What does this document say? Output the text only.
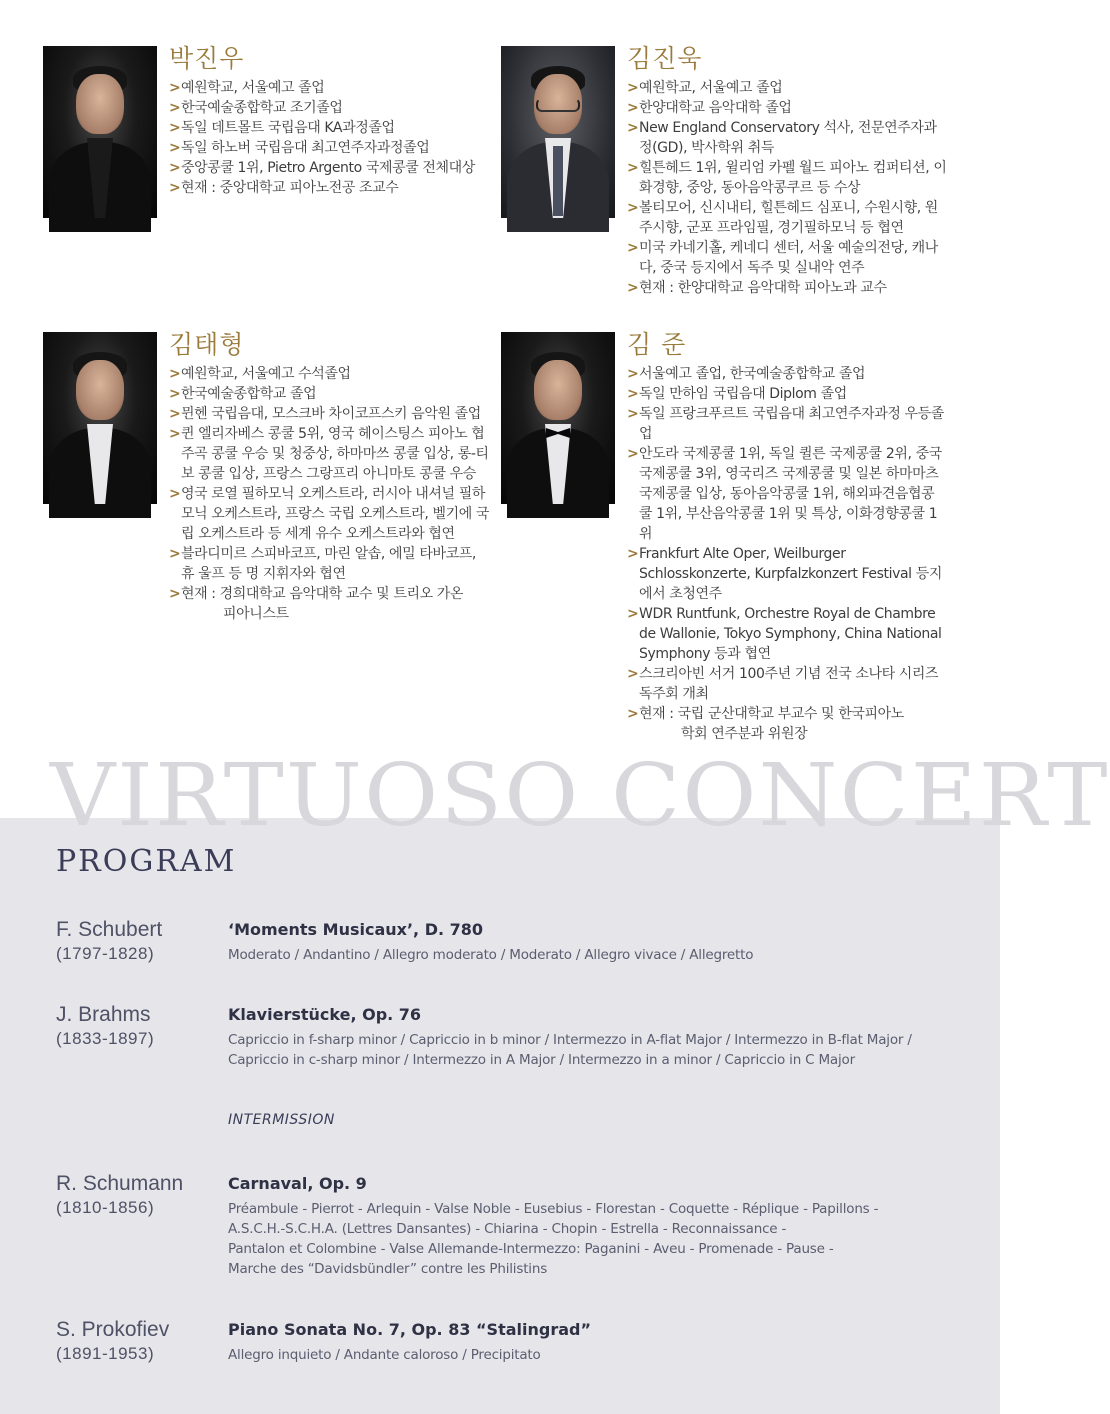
박진우
> 예원학교, 서울예고 졸업
> 한국예술종합학교 조기졸업
> 독일 데트몰트 국립음대 KA과정졸업
> 독일 하노버 국립음대 최고연주자과정졸업
> 중앙콩쿨 1위, Pietro Argento 국제콩쿨 전체대상
> 현재 : 중앙대학교 피아노전공 조교수
김진욱
> 예원학교, 서울예고 졸업
> 한양대학교 음악대학 졸업
> New England Conservatory 석사, 전문연주자과 정(GD), 박사학위 취득
> 힐튼헤드 1위, 윌리엄 카펠 월드 피아노 컴퍼티션, 이화경향, 중앙, 동아음악콩쿠르 등 수상
> 볼티모어, 신시내티, 힐튼헤드 심포니, 수원시향, 원주시향, 군포 프라임필, 경기필하모닉 등 협연
> 미국 카네기홀, 케네디 센터, 서울 예술의전당, 캐나다, 중국 등지에서 독주 및 실내악 연주
> 현재 : 한양대학교 음악대학 피아노과 교수
김태형
> 예원학교, 서울예고 수석졸업
> 한국예술종합학교 졸업
> 뮌헨 국립음대, 모스크바 차이코프스키 음악원 졸업
> 퀸 엘리자베스 콩쿨 5위, 영국 헤이스팅스 피아노 협주곡 콩쿨 우승 및 청중상, 하마마쓰 콩쿨 입상, 롱-티보 콩쿨 입상, 프랑스 그랑프리 아니마토 콩쿨 우승
> 영국 로열 필하모닉 오케스트라, 러시아 내셔널 필하모닉 오케스트라, 프랑스 국립 오케스트라, 벨기에 국립 오케스트라 등 세계 유수 오케스트라와 협연
> 블라디미르 스피바코프, 마린 알솝, 에밀 타바코프, 휴 울프 등 명 지휘자와 협연
> 현재 : 경희대학교 음악대학 교수 및 트리오 가온
피아니스트
김 준
> 서울예고 졸업, 한국예술종합학교 졸업
> 독일 만하임 국립음대 Diplom 졸업
> 독일 프랑크푸르트 국립음대 최고연주자과정 우등졸업
> 안도라 국제콩쿨 1위, 독일 퀼른 국제콩쿨 2위, 중국 국제콩쿨 3위, 영국리즈 국제콩쿨 및 일본 하마마츠 국제콩쿨 입상, 동아음악콩쿨 1위, 해외파견음협콩쿨 1위, 부산음악콩쿨 1위 및 특상, 이화경향콩쿨 1위
> Frankfurt Alte Oper, Weilburger Schlosskonzerte, Kurpfalzkonzert Festival 등지에서 초청연주
> WDR Runtfunk, Orchestre Royal de Chambre de Wallonie, Tokyo Symphony, China National Symphony 등과 협연
> 스크리아빈 서거 100주년 기념 전국 소나타 시리즈 독주회 개최
> 현재 : 국립 군산대학교 부교수 및 한국피아노
학회 연주분과 위원장
VIRTUOSO CONCERT
PROGRAM
F. Schubert
(1797-1828)
‘Moments Musicaux’, D. 780
Moderato / Andantino / Allegro moderato / Moderato / Allegro vivace / Allegretto
J. Brahms
(1833-1897)
Klavierstücke, Op. 76
Capriccio in f-sharp minor / Capriccio in b minor / Intermezzo in A-flat Major / Intermezzo in B-flat Major /
Capriccio in c-sharp minor / Intermezzo in A Major / Intermezzo in a minor / Capriccio in C Major
INTERMISSION
R. Schumann
(1810-1856)
Carnaval, Op. 9
Préambule - Pierrot - Arlequin - Valse Noble - Eusebius - Florestan - Coquette - Réplique - Papillons -
A.S.C.H.-S.C.H.A. (Lettres Dansantes) - Chiarina - Chopin - Estrella - Reconnaissance -
Pantalon et Colombine - Valse Allemande-Intermezzo: Paganini - Aveu - Promenade - Pause -
Marche des “Davidsbündler” contre les Philistins
S. Prokofiev
(1891-1953)
Piano Sonata No. 7, Op. 83 “Stalingrad”
Allegro inquieto / Andante caloroso / Precipitato
